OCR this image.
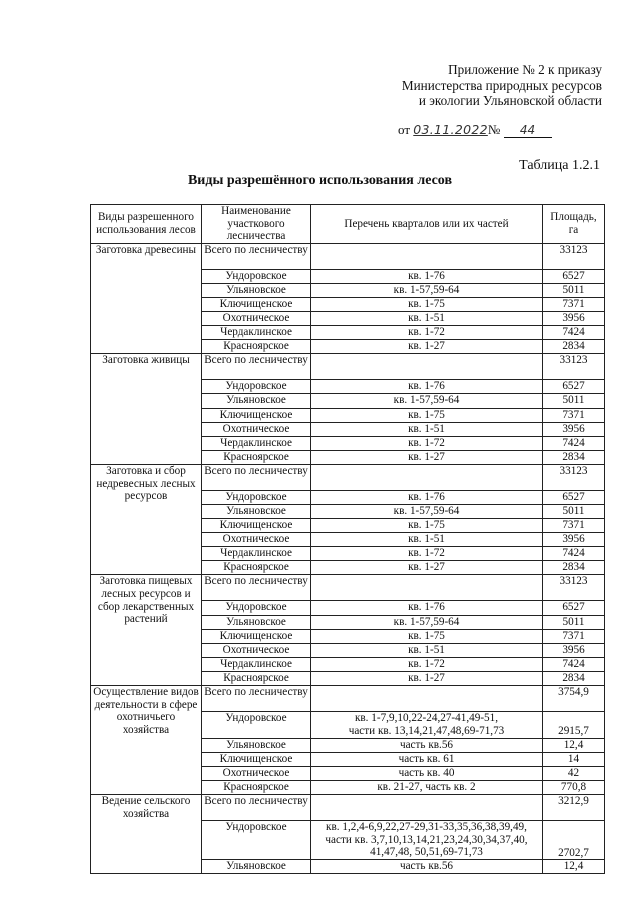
Приложение № 2 к приказу
Министерства природных ресурсов
и экологии Ульяновской области
от 03.11.2022№ 44
Таблица 1.2.1
Виды разрешённого использования лесов
Виды разрешенного использования лесов	Наименование участкового лесничества	Перечень кварталов или их частей	Площадь, га
Заготовка древесины	Всего по лесничеству		33123
	Ундоровское	кв. 1-76	6527
	Ульяновское	кв. 1-57,59-64	5011
	Ключищенское	кв. 1-75	7371
	Охотничеcкое	кв. 1-51	3956
	Чердаклинское	кв. 1-72	7424
	Красноярское	кв. 1-27	2834
Заготовка живицы	Всего по лесничеству		33123
	Ундоровское	кв. 1-76	6527
	Ульяновское	кв. 1-57,59-64	5011
	Ключищенское	кв. 1-75	7371
	Охотничеcкое	кв. 1-51	3956
	Чердаклинское	кв. 1-72	7424
	Красноярское	кв. 1-27	2834
Заготовка и сбор недревесных лесных ресурсов	Всего по лесничеству		33123
	Ундоровское	кв. 1-76	6527
	Ульяновское	кв. 1-57,59-64	5011
	Ключищенское	кв. 1-75	7371
	Охотничеcкое	кв. 1-51	3956
	Чердаклинское	кв. 1-72	7424
	Красноярское	кв. 1-27	2834
Заготовка пищевых лесных ресурсов и сбор лекарственных растений	Всего по лесничеству		33123
	Ундоровское	кв. 1-76	6527
	Ульяновское	кв. 1-57,59-64	5011
	Ключищенское	кв. 1-75	7371
	Охотничеcкое	кв. 1-51	3956
	Чердаклинское	кв. 1-72	7424
	Красноярское	кв. 1-27	2834
Осуществление видов деятельности в сфере охотничьего хозяйства	Всего по лесничеству		3754,9
	Ундоровское	кв. 1-7,9,10,22-24,27-41,49-51,
части кв. 13,14,21,47,48,69-71,73	2915,7
	Ульяновское	часть кв.56	12,4
	Ключищенское	часть кв. 61	14
	Охотничеcкое	часть кв. 40	42
	Красноярское	кв. 21-27, часть кв. 2	770,8
Ведение сельского хозяйства	Всего по лесничеству		3212,9
	Ундоровское	кв. 1,2,4-6,9,22,27-29,31-33,35,36,38,39,49,
части кв. 3,7,10,13,14,21,23,24,30,34,37,40,
41,47,48, 50,51,69-71,73	2702,7
	Ульяновское	часть кв.56	12,4
